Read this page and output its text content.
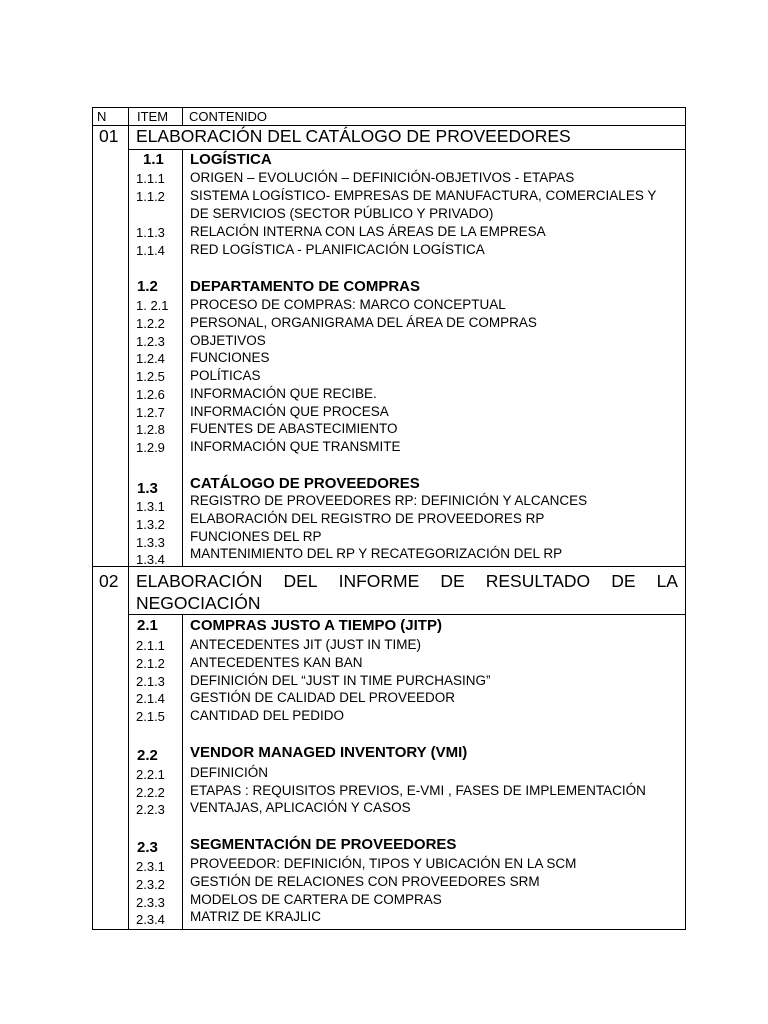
N ITEM CONTENIDO
01 ELABORACIÓN DEL CATÁLOGO DE PROVEEDORES
1.1 LOGÍSTICA
1.1.1 ORIGEN – EVOLUCIÓN – DEFINICIÓN-OBJETIVOS - ETAPAS
1.1.2 SISTEMA LOGÍSTICO- EMPRESAS DE MANUFACTURA, COMERCIALES Y
DE SERVICIOS (SECTOR PÚBLICO Y PRIVADO)
1.1.3 RELACIÓN INTERNA CON LAS ÁREAS DE LA EMPRESA
1.1.4 RED LOGÍSTICA - PLANIFICACIÓN LOGÍSTICA
1.2 DEPARTAMENTO DE COMPRAS
1. 2.1 PROCESO DE COMPRAS: MARCO CONCEPTUAL
1.2.2 PERSONAL, ORGANIGRAMA DEL ÁREA DE COMPRAS
1.2.3 OBJETIVOS
1.2.4 FUNCIONES
1.2.5 POLÍTICAS
1.2.6 INFORMACIÓN QUE RECIBE.
1.2.7 INFORMACIÓN QUE PROCESA
1.2.8 FUENTES DE ABASTECIMIENTO
1.2.9 INFORMACIÓN QUE TRANSMITE
1.3 CATÁLOGO DE PROVEEDORES
1.3.1 REGISTRO DE PROVEEDORES RP: DEFINICIÓN Y ALCANCES
1.3.2 ELABORACIÓN DEL REGISTRO DE PROVEEDORES RP
1.3.3 FUNCIONES DEL RP
1.3.4 MANTENIMIENTO DEL RP Y RECATEGORIZACIÓN DEL RP
02 ELABORACIÓN DEL INFORME DE RESULTADO DE LA
NEGOCIACIÓN
2.1 COMPRAS JUSTO A TIEMPO (JITP)
2.1.1 ANTECEDENTES JIT (JUST IN TIME)
2.1.2 ANTECEDENTES KAN BAN
2.1.3 DEFINICIÓN DEL “JUST IN TIME PURCHASING”
2.1.4 GESTIÓN DE CALIDAD DEL PROVEEDOR
2.1.5 CANTIDAD DEL PEDIDO
2.2 VENDOR MANAGED INVENTORY (VMI)
2.2.1 DEFINICIÓN
2.2.2 ETAPAS : REQUISITOS PREVIOS, E-VMI , FASES DE IMPLEMENTACIÓN
2.2.3 VENTAJAS, APLICACIÓN Y CASOS
2.3 SEGMENTACIÓN DE PROVEEDORES
2.3.1 PROVEEDOR: DEFINICIÓN, TIPOS Y UBICACIÓN EN LA SCM
2.3.2 GESTIÓN DE RELACIONES CON PROVEEDORES SRM
2.3.3 MODELOS DE CARTERA DE COMPRAS
2.3.4 MATRIZ DE KRAJLIC
